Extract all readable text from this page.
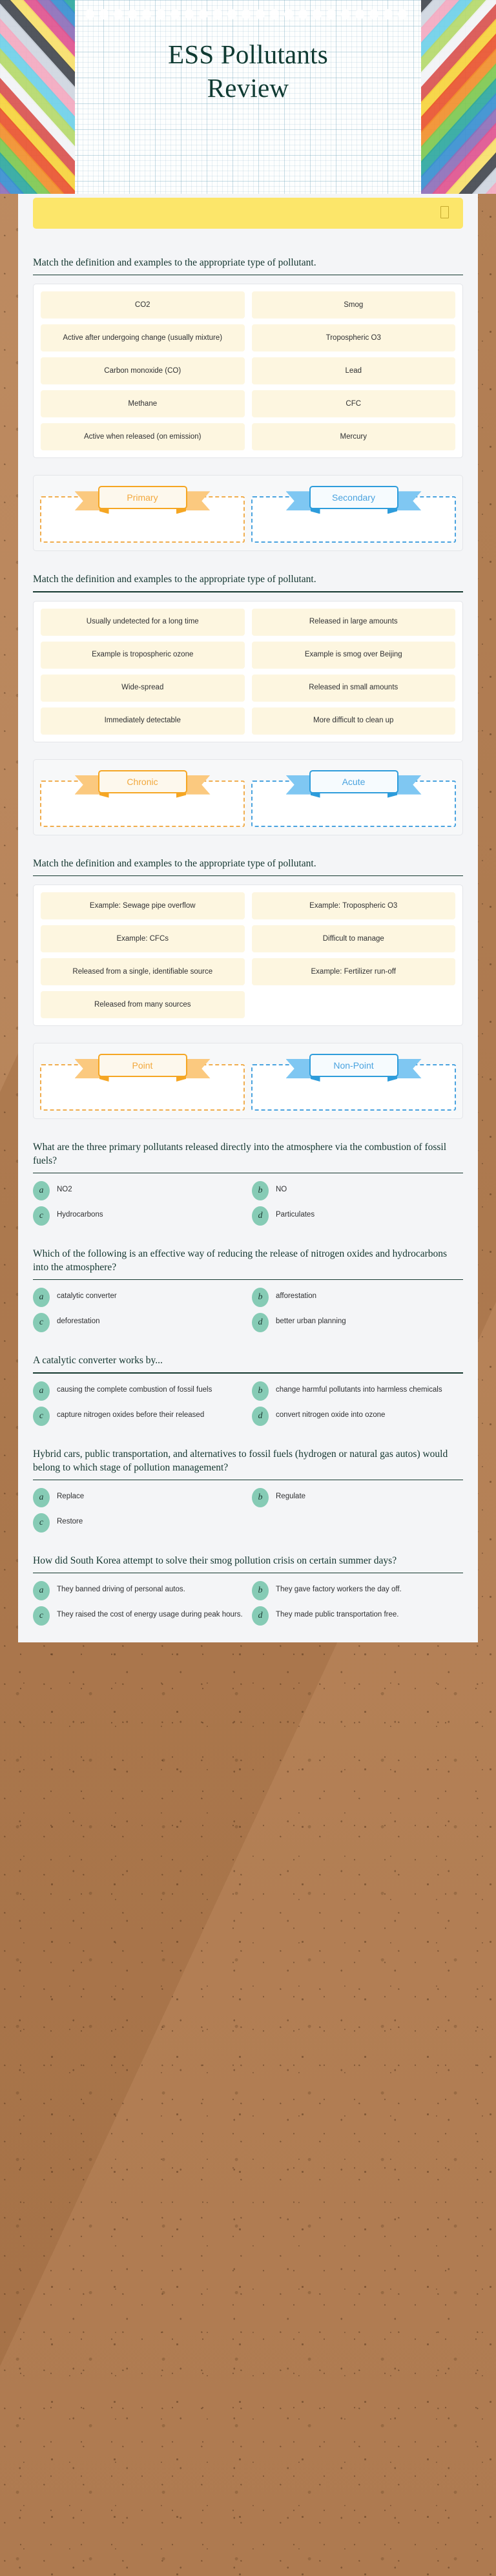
ESS Pollutants
Review
Match the definition and examples to the appropriate type of pollutant.
CO2	Smog
Active after undergoing change (usually mixture)	Tropospheric O3
Carbon monoxide (CO)	Lead
Methane	CFC
Active when released (on emission)	Mercury
Primary	Secondary
Match the definition and examples to the appropriate type of pollutant.
Usually undetected for a long time	Released in large amounts
Example is tropospheric ozone	Example is smog over Beijing
Wide-spread	Released in small amounts
Immediately detectable	More difficult to clean up
Chronic	Acute
Match the definition and examples to the appropriate type of pollutant.
Example: Sewage pipe overflow	Example: Tropospheric O3
Example: CFCs	Difficult to manage
Released from a single, identifiable source	Example: Fertilizer run-off
Released from many sources
Point	Non-Point
What are the three primary pollutants released directly into the atmosphere via the combustion of fossil fuels?
a	NO2	b	NO
c	Hydrocarbons	d	Particulates
Which of the following is an effective way of reducing the release of nitrogen oxides and hydrocarbons into the atmosphere?
a	catalytic converter	b	afforestation
c	deforestation	d	better urban planning
A catalytic converter works by...
a	causing the complete combustion of fossil fuels	b	change harmful pollutants into harmless chemicals
c	capture nitrogen oxides before their released	d	convert nitrogen oxide into ozone
Hybrid cars, public transportation, and alternatives to fossil fuels (hydrogen or natural gas autos) would belong to which stage of pollution management?
a	Replace	b	Regulate
c	Restore
How did South Korea attempt to solve their smog pollution crisis on certain summer days?
a	They banned driving of personal autos.	b	They gave factory workers the day off.
c	They raised the cost of energy usage during peak hours.	d	They made public transportation free.
